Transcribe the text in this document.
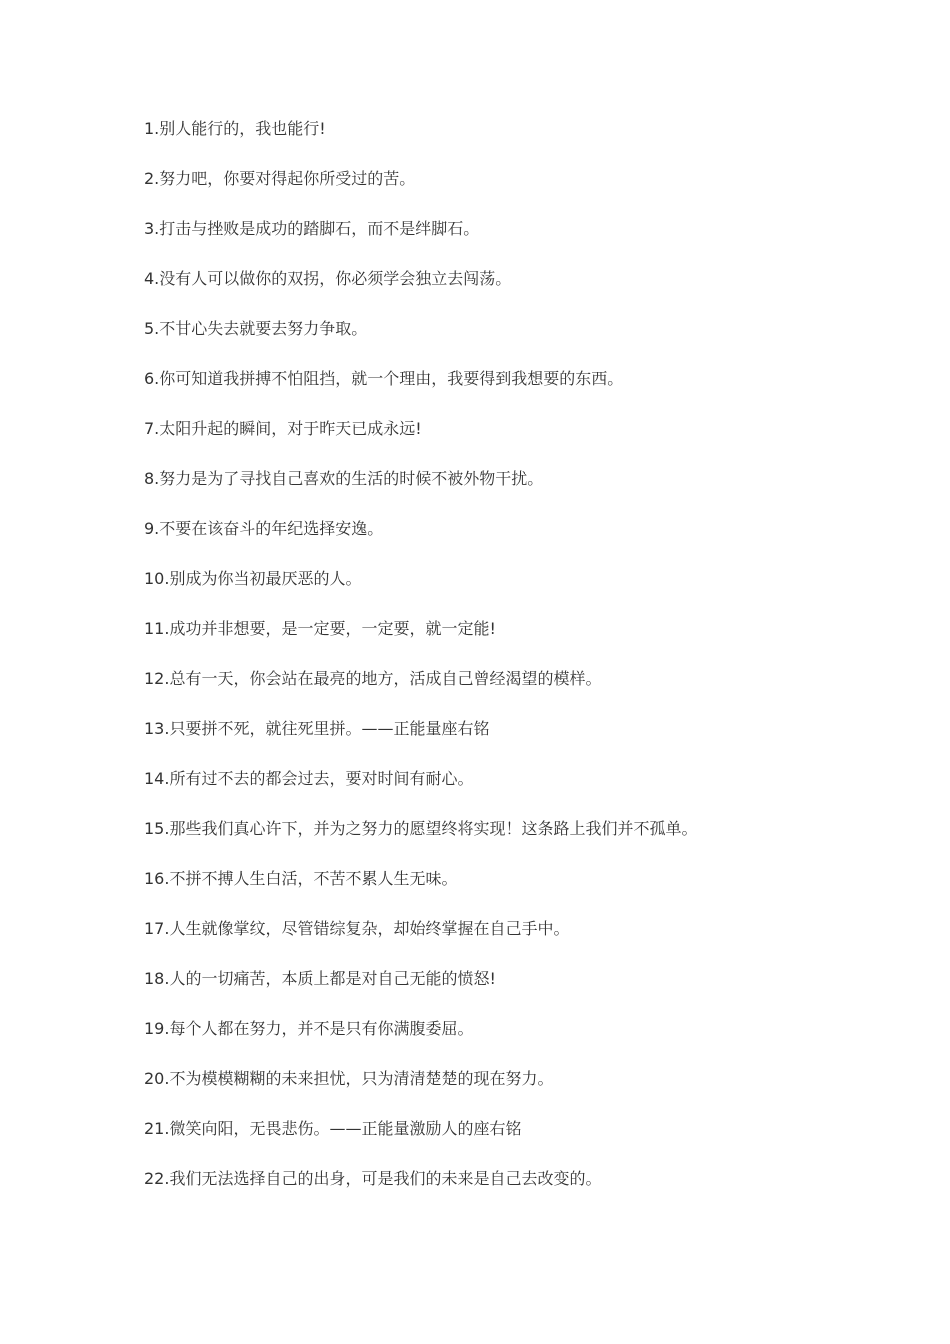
1.别人能行的，我也能行!
2.努力吧，你要对得起你所受过的苦。
3.打击与挫败是成功的踏脚石，而不是绊脚石。
4.没有人可以做你的双拐，你必须学会独立去闯荡。
5.不甘心失去就要去努力争取。
6.你可知道我拼搏不怕阻挡，就一个理由，我要得到我想要的东西。
7.太阳升起的瞬间，对于昨天已成永远!
8.努力是为了寻找自己喜欢的生活的时候不被外物干扰。
9.不要在该奋斗的年纪选择安逸。
10.别成为你当初最厌恶的人。
11.成功并非想要，是一定要，一定要，就一定能!
12.总有一天，你会站在最亮的地方，活成自己曾经渴望的模样。
13.只要拼不死，就往死里拼。——正能量座右铭
14.所有过不去的都会过去，要对时间有耐心。
15.那些我们真心许下，并为之努力的愿望终将实现！这条路上我们并不孤单。
16.不拼不搏人生白活，不苦不累人生无味。
17.人生就像掌纹，尽管错综复杂，却始终掌握在自己手中。
18.人的一切痛苦，本质上都是对自己无能的愤怒!
19.每个人都在努力，并不是只有你满腹委屈。
20.不为模模糊糊的未来担忧，只为清清楚楚的现在努力。
21.微笑向阳，无畏悲伤。——正能量激励人的座右铭
22.我们无法选择自己的出身，可是我们的未来是自己去改变的。
